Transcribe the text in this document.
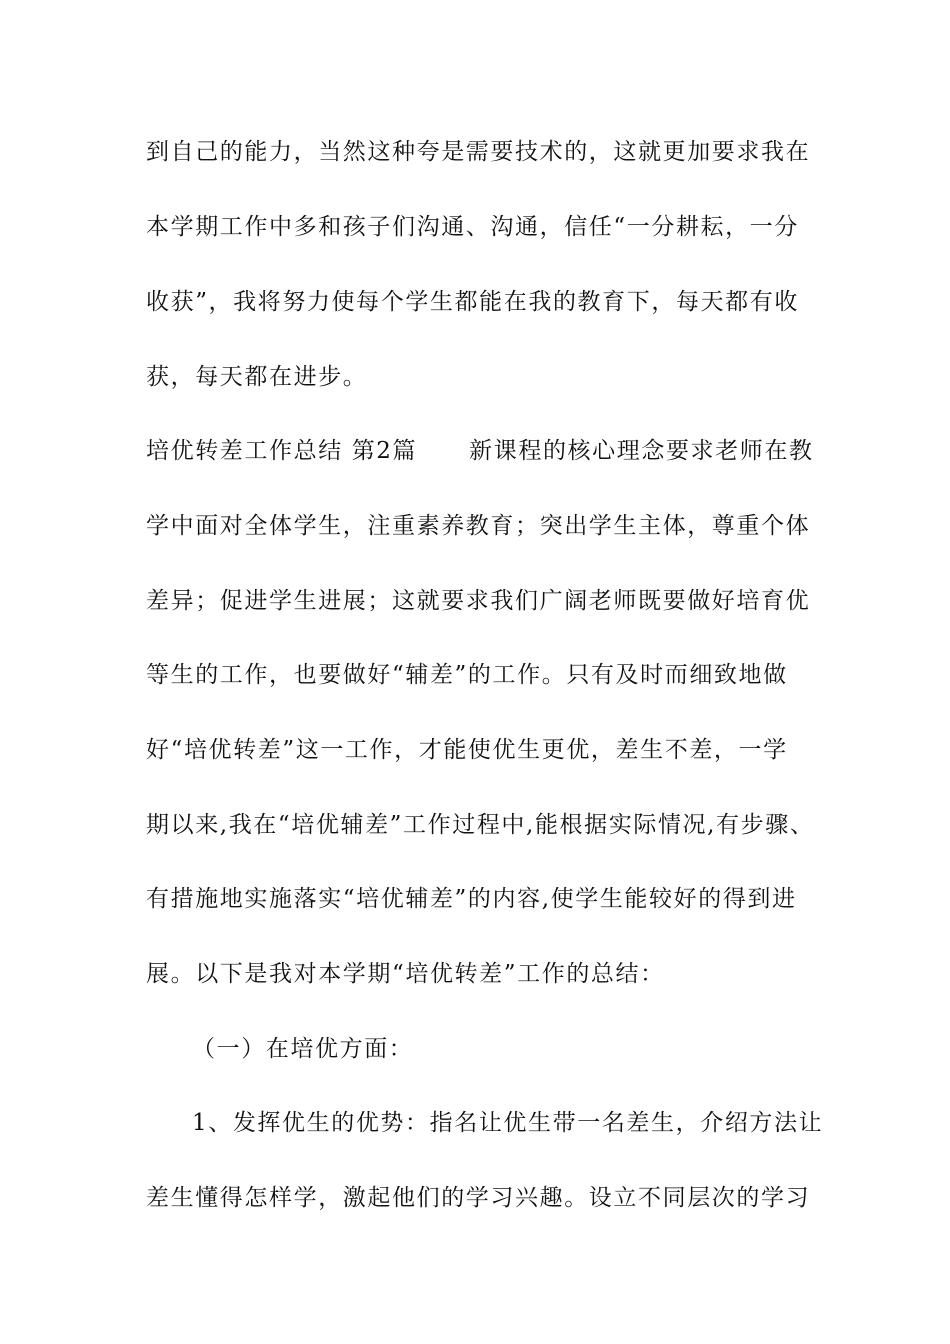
到自己的能力，当然这种夸是需要技术的，这就更加要求我在
本学期工作中多和孩子们沟通、沟通，信任“一分耕耘，一分
收获”，我将努力使每个学生都能在我的教育下，每天都有收
获，每天都在进步。
培优转差工作总结 第2篇 新课程的核心理念要求老师在教
学中面对全体学生，注重素养教育；突出学生主体，尊重个体
差异；促进学生进展；这就要求我们广阔老师既要做好培育优
等生的工作，也要做好“辅差”的工作。只有及时而细致地做
好“培优转差”这一工作，才能使优生更优，差生不差，一学
期以来,我在“培优辅差”工作过程中,能根据实际情况,有步骤、
有措施地实施落实“培优辅差”的内容,使学生能较好的得到进
展。以下是我对本学期“培优转差”工作的总结：
（一）在培优方面：
1、发挥优生的优势：指名让优生带一名差生，介绍方法让
差生懂得怎样学，激起他们的学习兴趣。设立不同层次的学习
